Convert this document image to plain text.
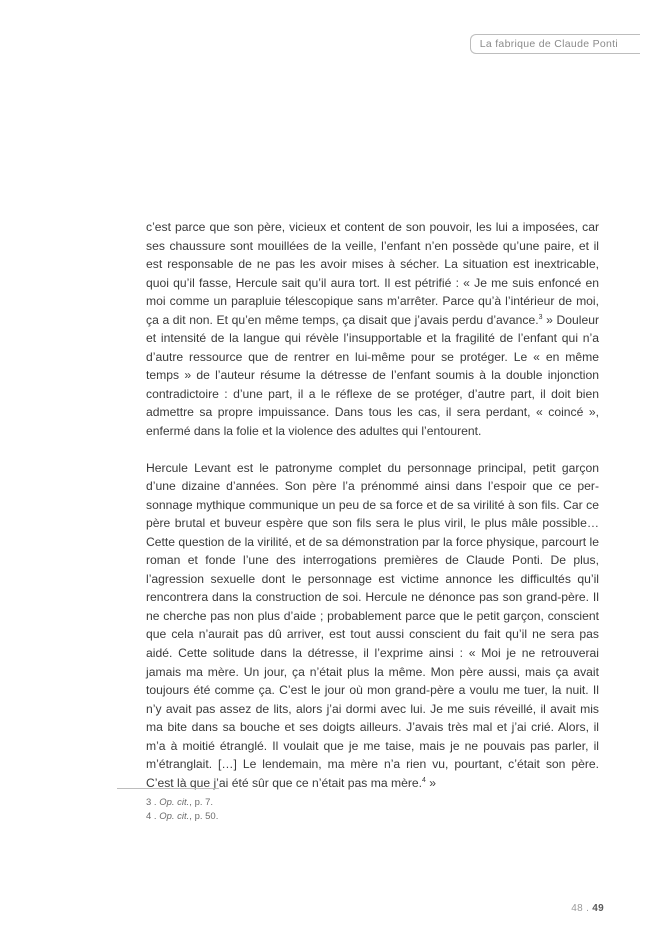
La fabrique de Claude Ponti

c’est parce que son père, vicieux et content de son pouvoir, les lui a imposées, car ses chaussure sont mouillées de la veille, l’enfant n’en possède qu’une paire, et il est responsable de ne pas les avoir mises à sécher. La situation est inextricable, quoi qu’il fasse, Hercule sait qu’il aura tort. Il est pétrifié : « Je me suis enfoncé en moi comme un parapluie télescopique sans m’arrêter. Parce qu’à l’intérieur de moi, ça a dit non. Et qu’en même temps, ça disait que j’avais perdu d’avance.$^3$ » Douleur et intensité de la langue qui révèle l’insupportable et la fragilité de l’enfant qui n’a d’autre ressource que de rentrer en lui-même pour se protéger. Le « en même temps » de l’auteur résume la détresse de l’enfant soumis à la double injonction contradictoire : d’une part, il a le réflexe de se protéger, d’autre part, il doit bien admettre sa propre impuissance. Dans tous les cas, il sera perdant, « coincé », enfermé dans la folie et la violence des adultes qui l’entourent.

Hercule Levant est le patronyme complet du personnage principal, petit garçon d’une dizaine d’années. Son père l’a prénommé ainsi dans l’espoir que ce personnage mythique communique un peu de sa force et de sa virilité à son fils. Car ce père brutal et buveur espère que son fils sera le plus viril, le plus mâle possible… Cette question de la virilité, et de sa démonstration par la force physique, parcourt le roman et fonde l’une des interrogations premières de Claude Ponti. De plus, l’agression sexuelle dont le personnage est victime annonce les difficultés qu’il rencontrera dans la construction de soi. Hercule ne dénonce pas son grand-père. Il ne cherche pas non plus d’aide ; probablement parce que le petit garçon, conscient que cela n’aurait pas dû arriver, est tout aussi conscient du fait qu’il ne sera pas aidé. Cette solitude dans la détresse, il l’exprime ainsi : « Moi je ne retrouverai jamais ma mère. Un jour, ça n’était plus la même. Mon père aussi, mais ça avait toujours été comme ça. C’est le jour où mon grand-père a voulu me tuer, la nuit. Il n’y avait pas assez de lits, alors j’ai dormi avec lui. Je me suis réveillé, il avait mis ma bite dans sa bouche et ses doigts ailleurs. J’avais très mal et j’ai crié. Alors, il m’a à moitié étranglé. Il voulait que je me taise, mais je ne pouvais pas parler, il m’étranglait. […] Le lendemain, ma mère n’a rien vu, pourtant, c’était son père. C’est là que j’ai été sûr que ce n’était pas ma mère.$^4$ »

3 . Op. cit., p. 7.
4 . Op. cit., p. 50.
48 . 49
